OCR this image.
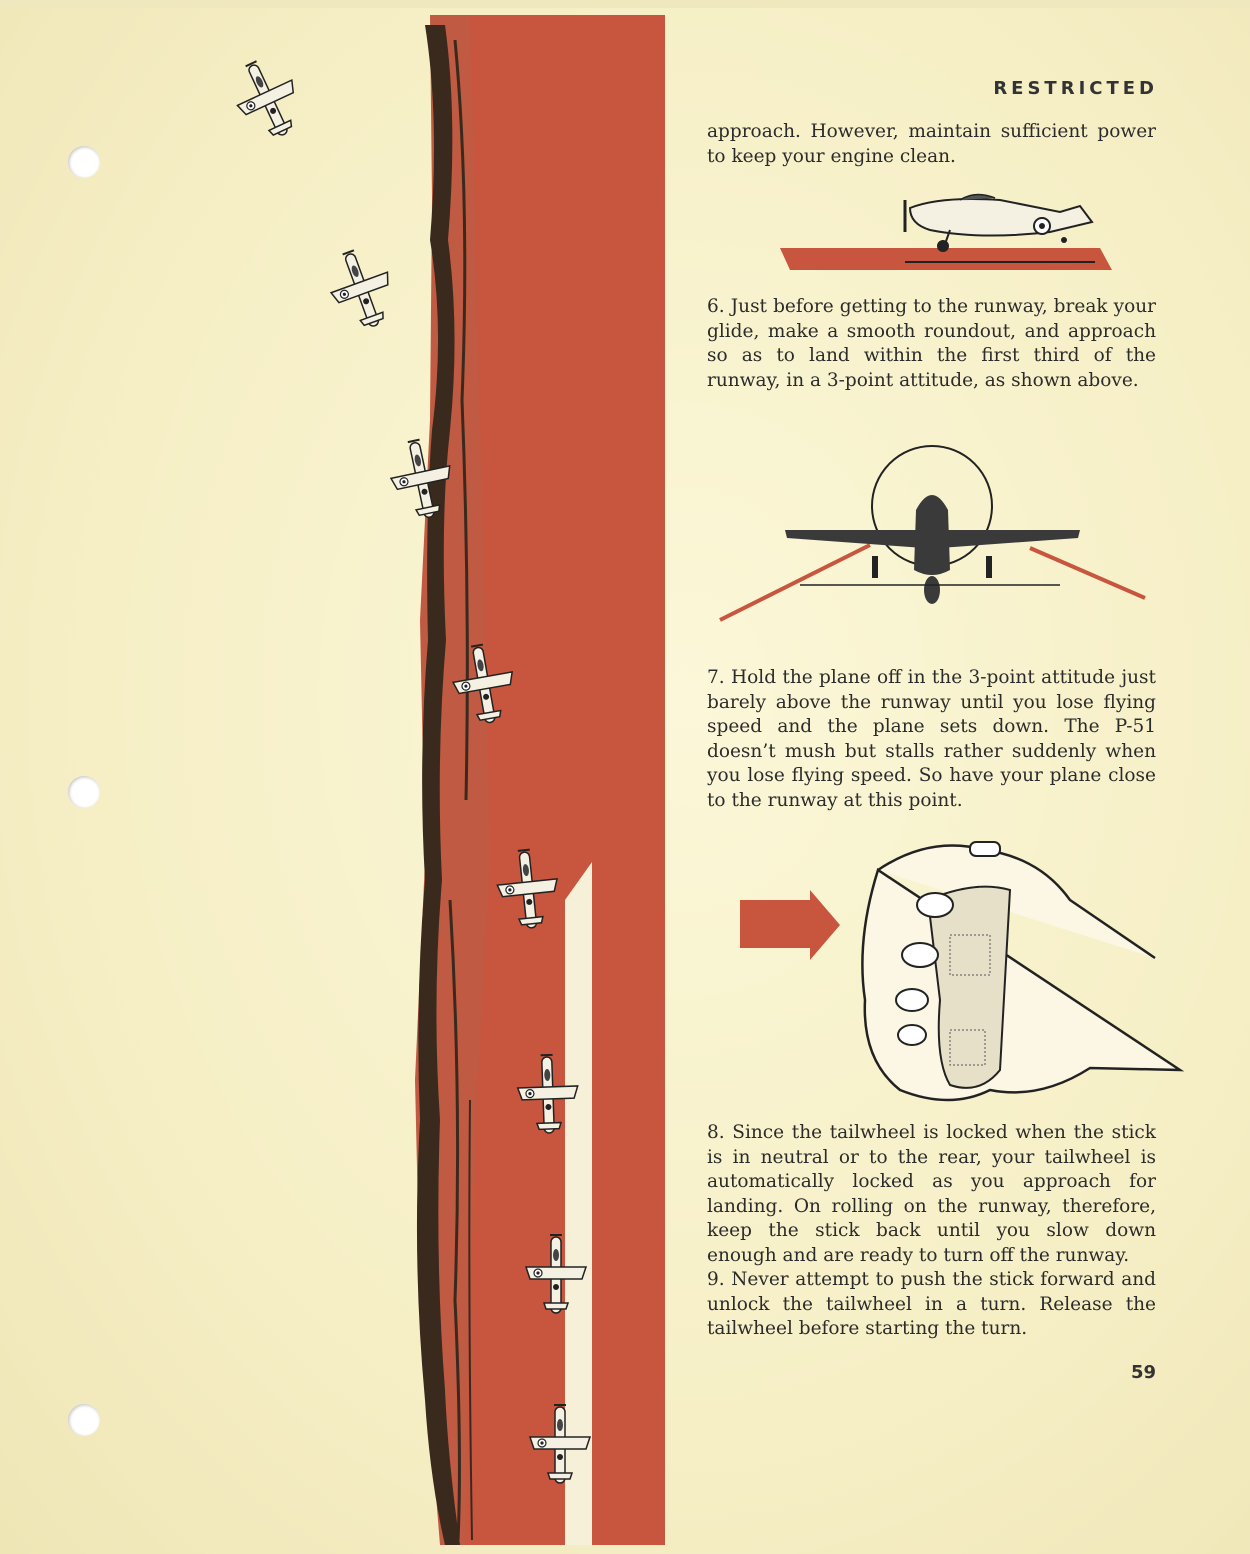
RESTRICTED

approach. However, maintain sufficient power to keep your engine clean.

6. Just before getting to the runway, break your glide, make a smooth roundout, and approach so as to land within the first third of the runway, in a 3-point attitude, as shown above.

7. Hold the plane off in the 3-point attitude just barely above the runway until you lose flying speed and the plane sets down. The P-51 doesn’t mush but stalls rather suddenly when you lose flying speed. So have your plane close to the runway at this point.

8. Since the tailwheel is locked when the stick is in neutral or to the rear, your tailwheel is automatically locked as you approach for landing. On rolling on the runway, therefore, keep the stick back until you slow down enough and are ready to turn off the runway.

9. Never attempt to push the stick forward and unlock the tailwheel in a turn. Release the tailwheel before starting the turn.

59
